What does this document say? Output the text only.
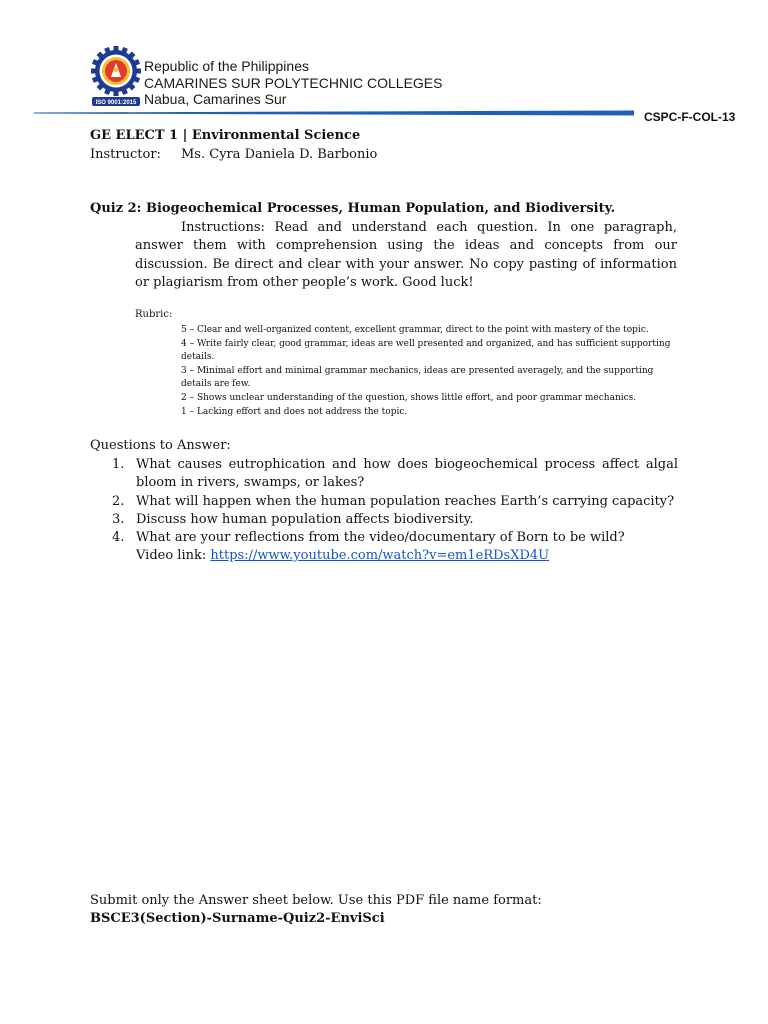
ISO 9001:2015
Republic of the Philippines
CAMARINES SUR POLYTECHNIC COLLEGES
Nabua, Camarines Sur
CSPC-F-COL-13
GE ELECT 1 | Environmental Science
Instructor: Ms. Cyra Daniela D. Barbonio
Quiz 2: Biogeochemical Processes, Human Population, and Biodiversity.
Instructions: Read and understand each question. In one paragraph, answer them with comprehension using the ideas and concepts from our discussion. Be direct and clear with your answer. No copy pasting of information or plagiarism from other people’s work. Good luck!
Rubric:
5 – Clear and well-organized content, excellent grammar, direct to the point with mastery of the topic.
4 – Write fairly clear, good grammar, ideas are well presented and organized, and has sufficient supporting details.
3 – Minimal effort and minimal grammar mechanics, ideas are presented averagely, and the supporting details are few.
2 – Shows unclear understanding of the question, shows little effort, and poor grammar mechanics.
1 – Lacking effort and does not address the topic.
Questions to Answer:
1. What causes eutrophication and how does biogeochemical process affect algal bloom in rivers, swamps, or lakes?
2. What will happen when the human population reaches Earth’s carrying capacity?
3. Discuss how human population affects biodiversity.
4. What are your reflections from the video/documentary of Born to be wild?
Video link: https://www.youtube.com/watch?v=em1eRDsXD4U
Submit only the Answer sheet below. Use this PDF file name format:
BSCE3(Section)-Surname-Quiz2-EnviSci
